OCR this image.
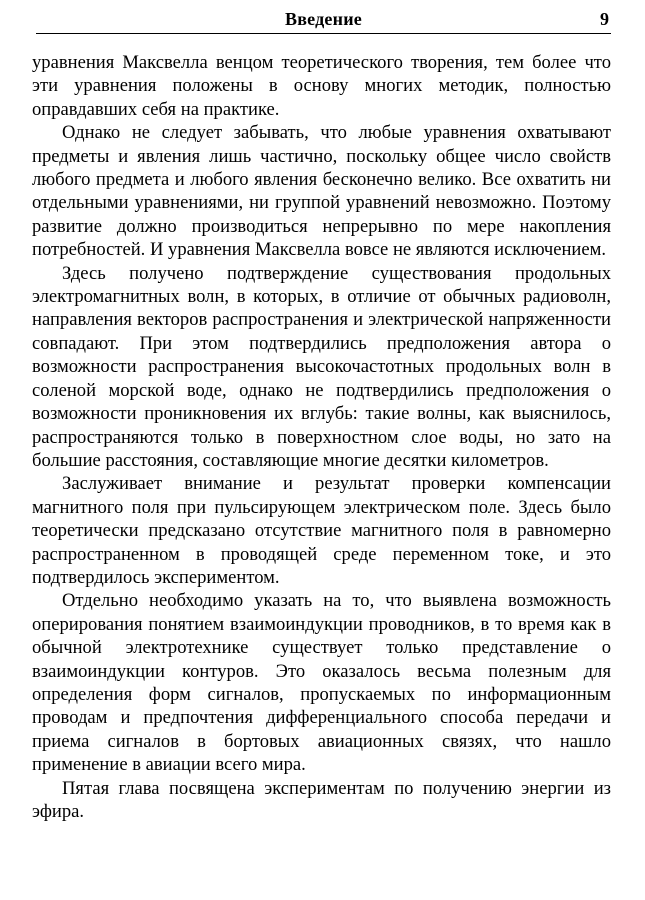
Введение	9

уравнения Максвелла венцом теоретического творения, тем более что эти уравнения положены в основу многих методик, полностью оправдавших себя на практике.

Однако не следует забывать, что любые уравнения охватывают предметы и явления лишь частично, поскольку общее число свойств любого предмета и любого явления бесконечно велико. Все охватить ни отдельными уравнениями, ни группой уравнений невозможно. Поэтому развитие должно производиться непрерывно по мере накопления потребностей. И уравнения Максвелла вовсе не являются исключением.

Здесь получено подтверждение существования продольных электромагнитных волн, в которых, в отличие от обычных радиоволн, направления векторов распространения и электрической напряженности совпадают. При этом подтвердились предположения автора о возможности распространения высокочастотных продольных волн в соленой морской воде, однако не подтвердились предположения о возможности проникновения их вглубь: такие волны, как выяснилось, распространяются только в поверхностном слое воды, но зато на большие расстояния, составляющие многие десятки километров.

Заслуживает внимание и результат проверки компенсации магнитного поля при пульсирующем электрическом поле. Здесь было теоретически предсказано отсутствие магнитного поля в равномерно распространенном в проводящей среде переменном токе, и это подтвердилось экспериментом.

Отдельно необходимо указать на то, что выявлена возможность оперирования понятием взаимоиндукции проводников, в то время как в обычной электротехнике существует только представление о взаимоиндукции контуров. Это оказалось весьма полезным для определения форм сигналов, пропускаемых по информационным проводам и предпочтения дифференциального способа передачи и приема сигналов в бортовых авиационных связях, что нашло применение в авиации всего мира.

Пятая глава посвящена экспериментам по получению энергии из эфира.
